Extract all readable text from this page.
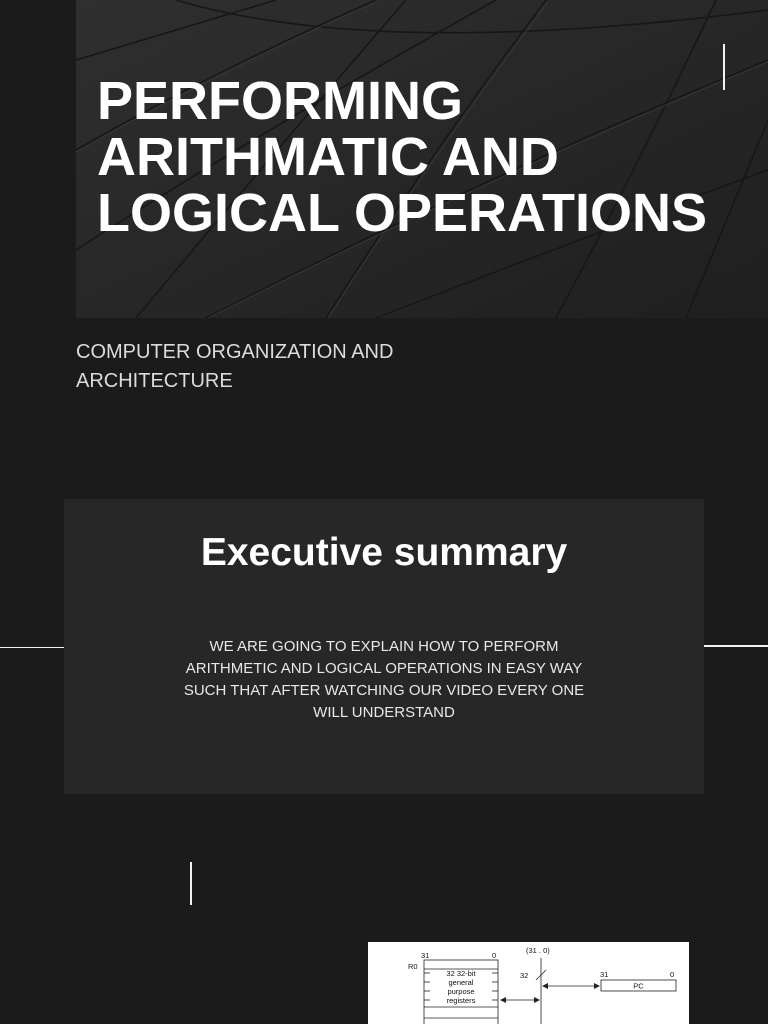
PERFORMING
ARITHMATIC AND
LOGICAL OPERATIONS

COMPUTER ORGANIZATION AND
ARCHITECTURE

Executive summary
WE ARE GOING TO EXPLAIN HOW TO PERFORM
ARITHMETIC AND LOGICAL OPERATIONS IN EASY WAY
SUCH THAT AFTER WATCHING OUR VIDEO EVERY ONE
WILL UNDERSTAND
31	0
R0
32 32-bit
general
purpose
registers
(31 . 0)
32	31	0
PC
